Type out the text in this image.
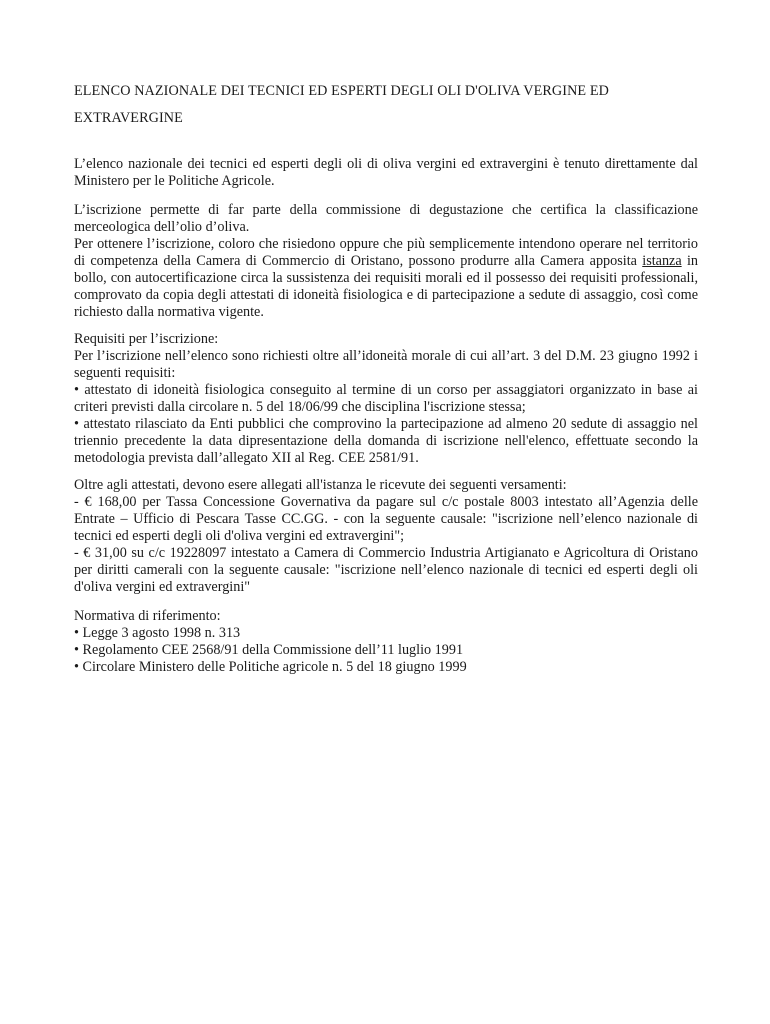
ELENCO NAZIONALE DEI TECNICI ED ESPERTI DEGLI OLI D'OLIVA VERGINE ED
EXTRAVERGINE

L’elenco nazionale dei tecnici ed esperti degli oli di oliva vergini ed extravergini è tenuto direttamente dal Ministero per le Politiche Agricole.

L’iscrizione permette di far parte della commissione di degustazione che certifica la classificazione merceologica dell’olio d’oliva.

Per ottenere l’iscrizione, coloro che risiedono oppure che più semplicemente intendono operare nel territorio di competenza della Camera di Commercio di Oristano, possono produrre alla Camera apposita istanza in bollo, con autocertificazione circa la sussistenza dei requisiti morali ed il possesso dei requisiti professionali, comprovato da copia degli attestati di idoneità fisiologica e di partecipazione a sedute di assaggio, così come richiesto dalla normativa vigente.

Requisiti per l’iscrizione:

Per l’iscrizione nell’elenco sono richiesti oltre all’idoneità morale di cui all’art. 3 del D.M. 23 giugno 1992 i seguenti requisiti:

• attestato di idoneità fisiologica conseguito al termine di un corso per assaggiatori organizzato in base ai criteri previsti dalla circolare n. 5 del 18/06/99 che disciplina l'iscrizione stessa;
• attestato rilasciato da Enti pubblici che comprovino la partecipazione ad almeno 20 sedute di assaggio nel triennio precedente la data dipresentazione della domanda di iscrizione nell'elenco, effettuate secondo la metodologia prevista dall’allegato XII al Reg. CEE 2581/91.

Oltre agli attestati, devono esere allegati all'istanza le ricevute dei seguenti versamenti:

- € 168,00 per Tassa Concessione Governativa da pagare sul c/c postale 8003 intestato all’Agenzia delle Entrate – Ufficio di Pescara Tasse CC.GG. - con la seguente causale: "iscrizione nell’elenco nazionale di tecnici ed esperti degli oli d'oliva vergini ed extravergini";

- € 31,00 su c/c 19228097 intestato a Camera di Commercio Industria Artigianato e Agricoltura di Oristano per diritti camerali con la seguente causale: "iscrizione nell’elenco nazionale di tecnici ed esperti degli oli d'oliva vergini ed extravergini"

Normativa di riferimento:

• Legge 3 agosto 1998 n. 313
• Regolamento CEE 2568/91 della Commissione dell’11 luglio 1991
• Circolare Ministero delle Politiche agricole n. 5 del 18 giugno 1999
